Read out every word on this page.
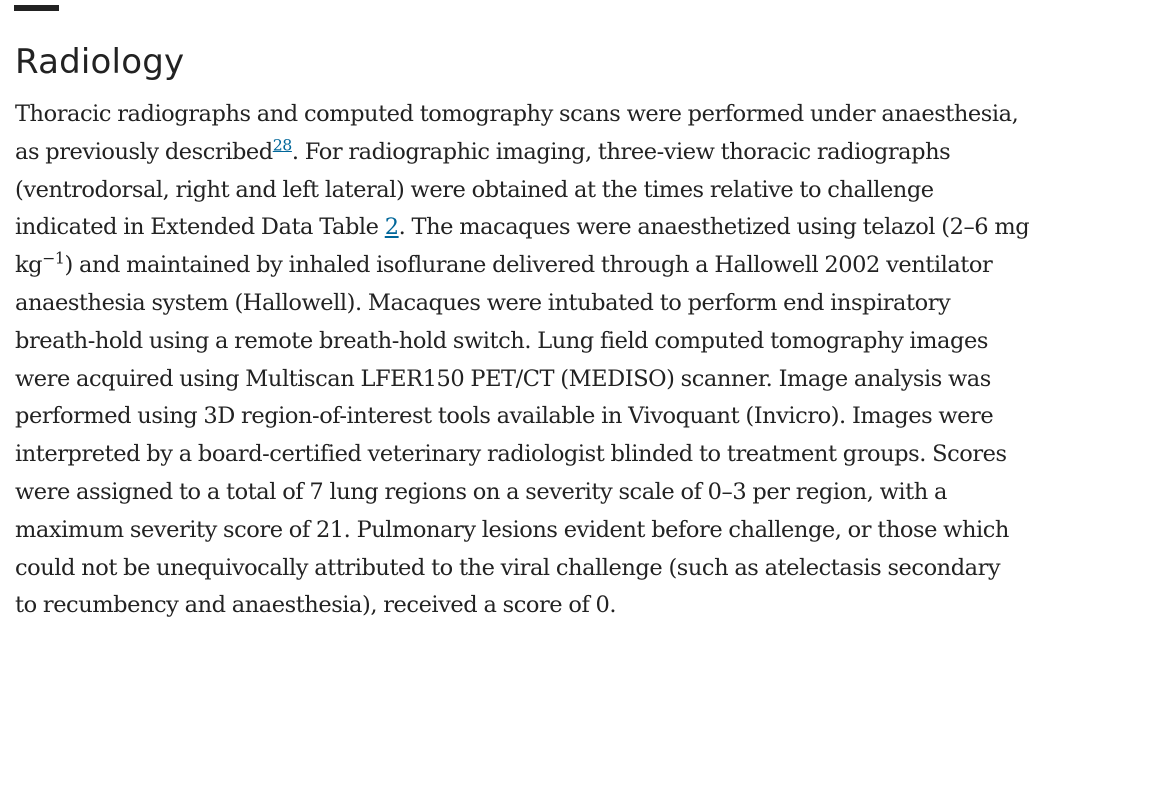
Radiology

Thoracic radiographs and computed tomography scans were performed under anaesthesia,
as previously described$^{28}$. For radiographic imaging, three-view thoracic radiographs
(ventrodorsal, right and left lateral) were obtained at the times relative to challenge
indicated in Extended Data Table 2. The macaques were anaesthetized using telazol (2–6 mg
$kg^{-1}$) and maintained by inhaled isoflurane delivered through a Hallowell 2002 ventilator
anaesthesia system (Hallowell). Macaques were intubated to perform end inspiratory
breath-hold using a remote breath-hold switch. Lung field computed tomography images
were acquired using Multiscan LFER150 PET/CT (MEDISO) scanner. Image analysis was
performed using 3D region-of-interest tools available in Vivoquant (Invicro). Images were
interpreted by a board-certified veterinary radiologist blinded to treatment groups. Scores
were assigned to a total of 7 lung regions on a severity scale of 0–3 per region, with a
maximum severity score of 21. Pulmonary lesions evident before challenge, or those which
could not be unequivocally attributed to the viral challenge (such as atelectasis secondary
to recumbency and anaesthesia), received a score of 0.
